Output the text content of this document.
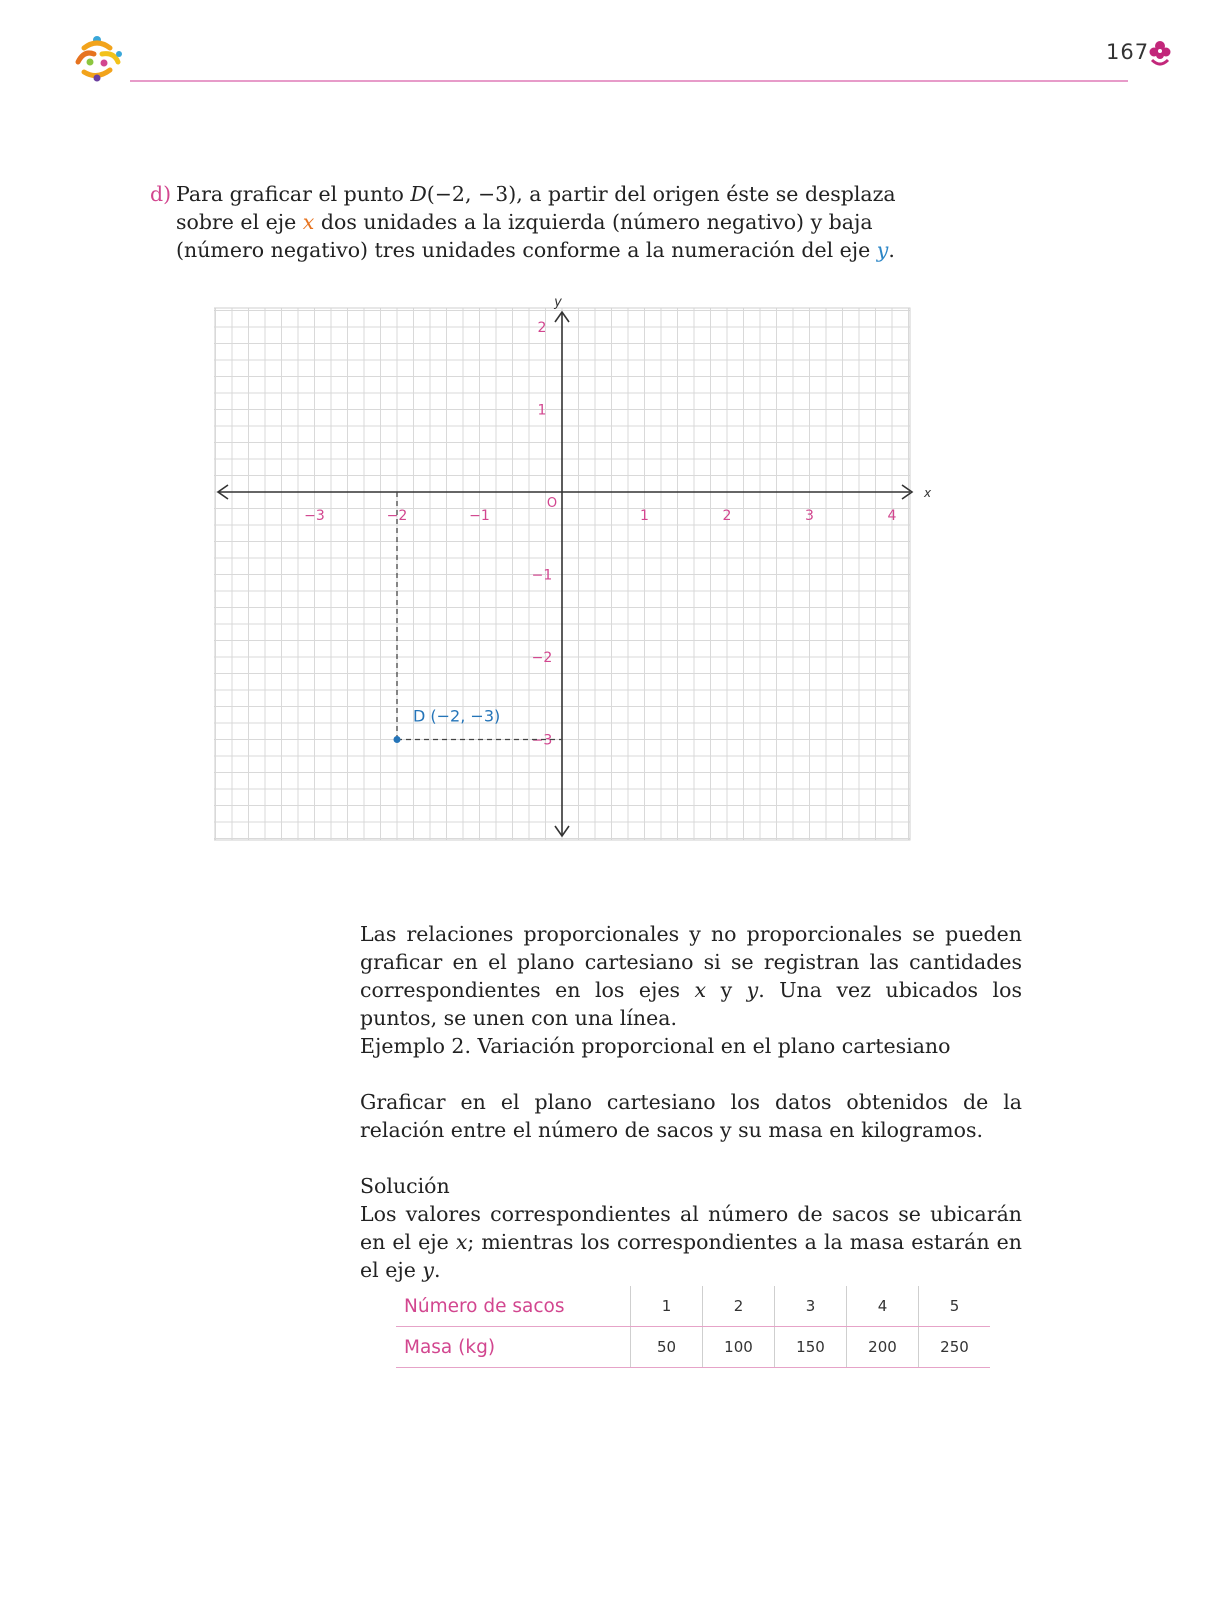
167
d) Para graficar el punto D(−2, −3), a partir del origen éste se desplaza sobre el eje x dos unidades a la izquierda (número negativo) y baja (número negativo) tres unidades conforme a la numeración del eje y.
x
y
O
−3	−2	−1	1	2	3	4
2
1
−1
−2
−3
D (−2, −3)
Las relaciones proporcionales y no proporcionales se pueden graficar en el plano cartesiano si se registran las cantidades correspondientes en los ejes x y y. Una vez ubicados los puntos, se unen con una línea.
Ejemplo 2. Variación proporcional en el plano cartesiano
Graficar en el plano cartesiano los datos obtenidos de la relación entre el número de sacos y su masa en kilogramos.
Solución
Los valores correspondientes al número de sacos se ubicarán en el eje x; mientras los correspondientes a la masa estarán en el eje y.
Número de sacos	1	2	3	4	5
Masa (kg)	50	100	150	200	250
